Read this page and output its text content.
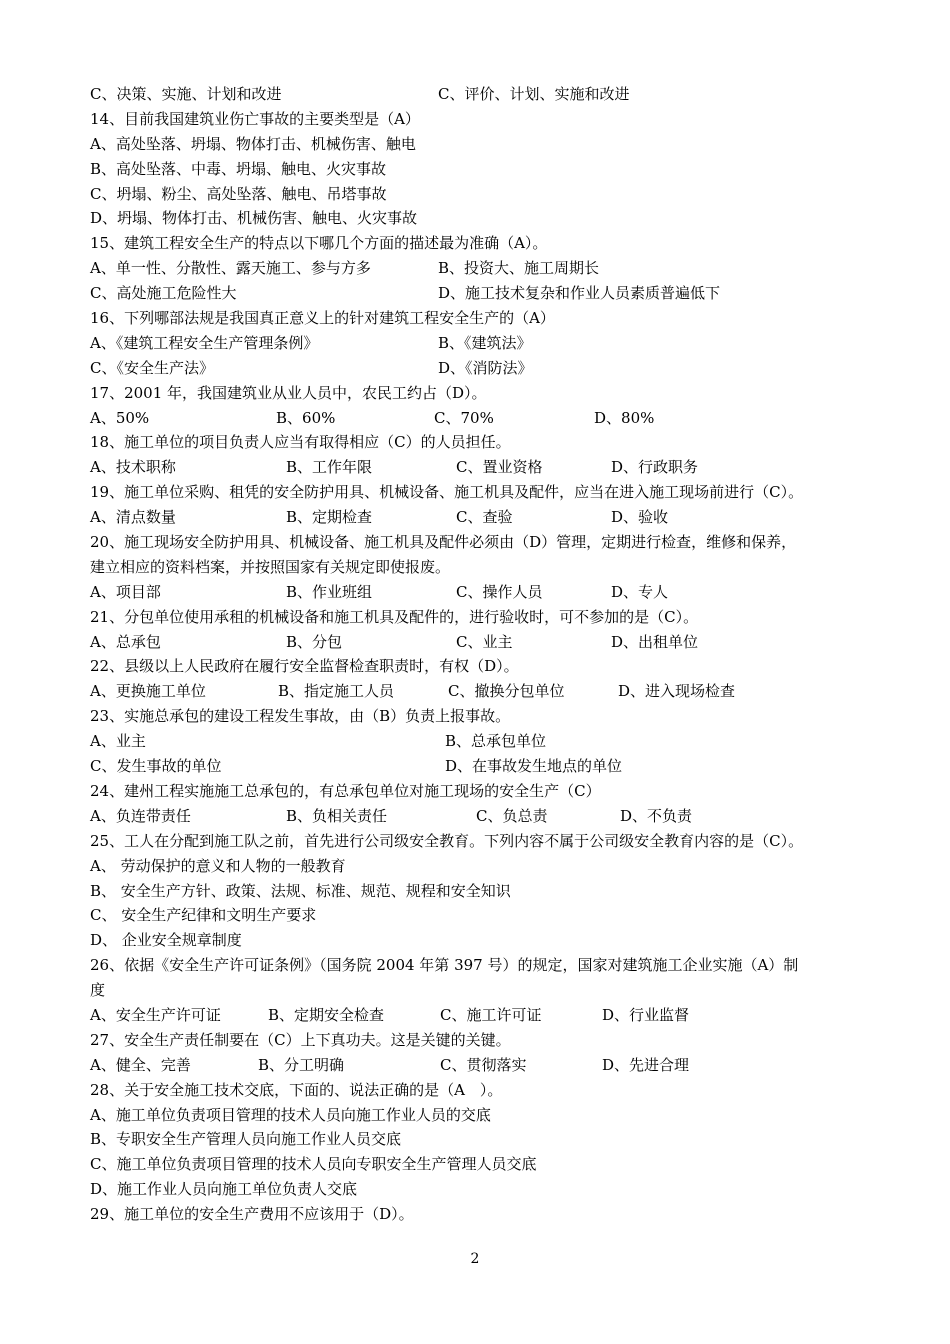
C、决策、实施、计划和改进	C、评价、计划、实施和改进
14、目前我国建筑业伤亡事故的主要类型是（A）
A、高处坠落、坍塌、物体打击、机械伤害、触电
B、高处坠落、中毒、坍塌、触电、火灾事故
C、坍塌、粉尘、高处坠落、触电、吊塔事故
D、坍塌、物体打击、机械伤害、触电、火灾事故
15、建筑工程安全生产的特点以下哪几个方面的描述最为准确（A）。
A、单一性、分散性、露天施工、参与方多	B、投资大、施工周期长
C、高处施工危险性大	D、施工技术复杂和作业人员素质普遍低下
16、下列哪部法规是我国真正意义上的针对建筑工程安全生产的（A）
A、《建筑工程安全生产管理条例》	B、《建筑法》
C、《安全生产法》	D、《消防法》
17、2001 年，我国建筑业从业人员中，农民工约占（D）。
A、50%	B、60%	C、70%	D、80%
18、施工单位的项目负责人应当有取得相应（C）的人员担任。
A、技术职称	B、工作年限	C、置业资格	D、行政职务
19、施工单位采购、租凭的安全防护用具、机械设备、施工机具及配件，应当在进入施工现场前进行（C）。
A、清点数量	B、定期检查	C、查验	D、验收
20、施工现场安全防护用具、机械设备、施工机具及配件必须由（D）管理，定期进行检查，维修和保养，
建立相应的资料档案，并按照国家有关规定即使报废。
A、项目部	B、作业班组	C、操作人员	D、专人
21、分包单位使用承租的机械设备和施工机具及配件的，进行验收时，可不参加的是（C）。
A、总承包	B、分包	C、业主	D、出租单位
22、县级以上人民政府在履行安全监督检查职责时，有权（D）。
A、更换施工单位	B、指定施工人员	C、撤换分包单位	D、进入现场检查
23、实施总承包的建设工程发生事故，由（B）负责上报事故。
A、业主	B、总承包单位
C、发生事故的单位	D、在事故发生地点的单位
24、建州工程实施施工总承包的，有总承包单位对施工现场的安全生产（C）
A、负连带责任	B、负相关责任	C、负总责	D、不负责
25、工人在分配到施工队之前，首先进行公司级安全教育。下列内容不属于公司级安全教育内容的是（C）。
A、 劳动保护的意义和人物的一般教育
B、 安全生产方针、政策、法规、标准、规范、规程和安全知识
C、 安全生产纪律和文明生产要求
D、 企业安全规章制度
26、依据《安全生产许可证条例》（国务院 2004 年第 397 号）的规定，国家对建筑施工企业实施（A）制
度
A、安全生产许可证	B、定期安全检查	C、施工许可证	D、行业监督
27、安全生产责任制要在（C）上下真功夫。这是关键的关键。
A、健全、完善	B、分工明确	C、贯彻落实	D、先进合理
28、关于安全施工技术交底，下面的、说法正确的是（A　）。
A、施工单位负责项目管理的技术人员向施工作业人员的交底
B、专职安全生产管理人员向施工作业人员交底
C、施工单位负责项目管理的技术人员向专职安全生产管理人员交底
D、施工作业人员向施工单位负责人交底
29、施工单位的安全生产费用不应该用于（D）。
2
